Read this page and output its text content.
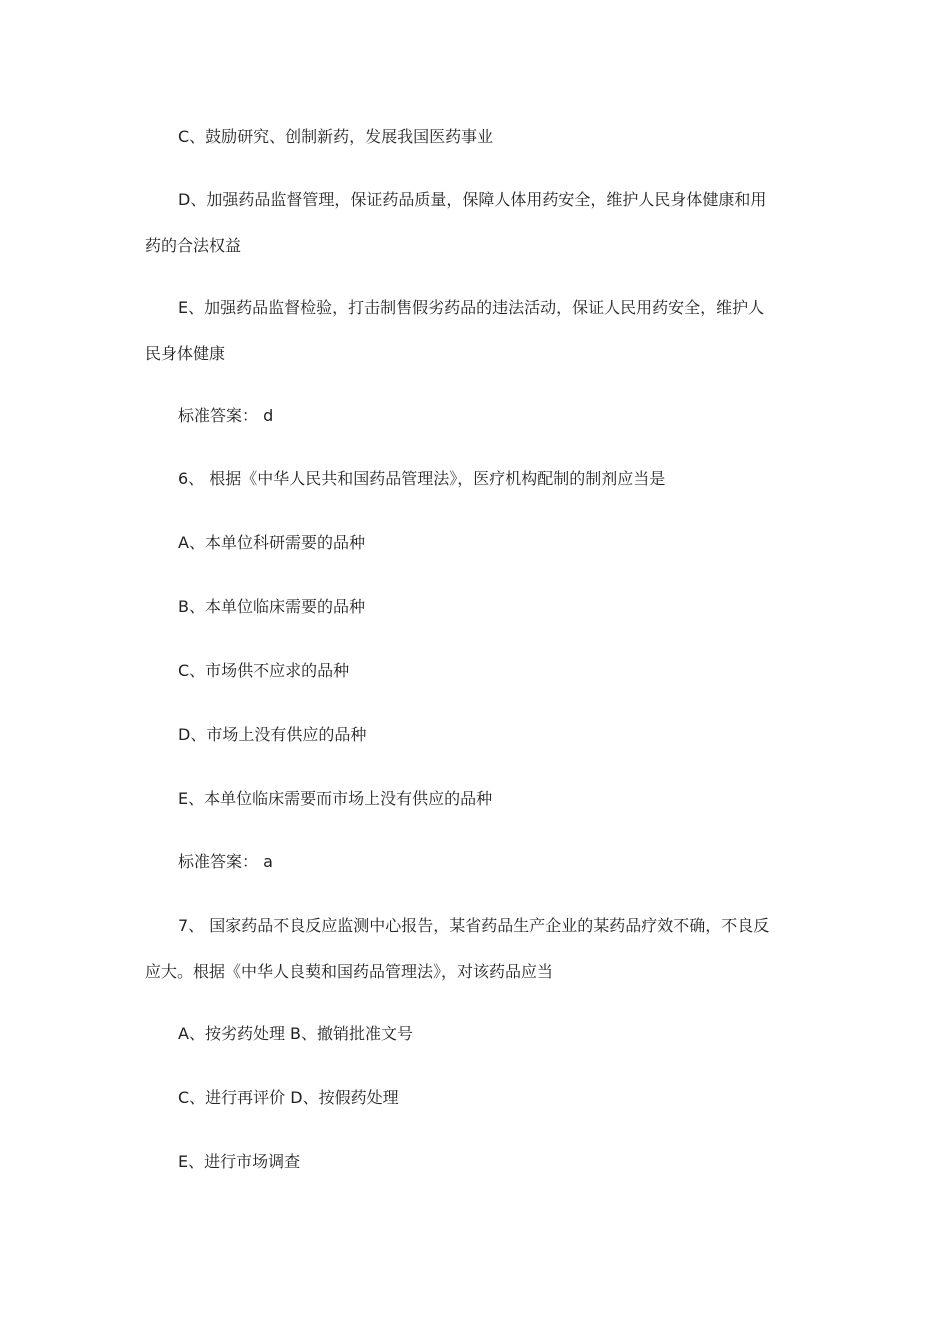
C、鼓励研究、创制新药，发展我国医药事业
D、加强药品监督管理，保证药品质量，保障人体用药安全，维护人民身体健康和用
药的合法权益
E、加强药品监督检验，打击制售假劣药品的违法活动，保证人民用药安全，维护人
民身体健康
标准答案： d
6、 根据《中华人民共和国药品管理法》，医疗机构配制的制剂应当是
A、本单位科研需要的品种
B、本单位临床需要的品种
C、市场供不应求的品种
D、市场上没有供应的品种
E、本单位临床需要而市场上没有供应的品种
标准答案： a
7、 国家药品不良反应监测中心报告，某省药品生产企业的某药品疗效不确，不良反
应大。根据《中华人良葜和国药品管理法》，对该药品应当
A、按劣药处理 B、撤销批准文号
C、进行再评价 D、按假药处理
E、进行市场调查
